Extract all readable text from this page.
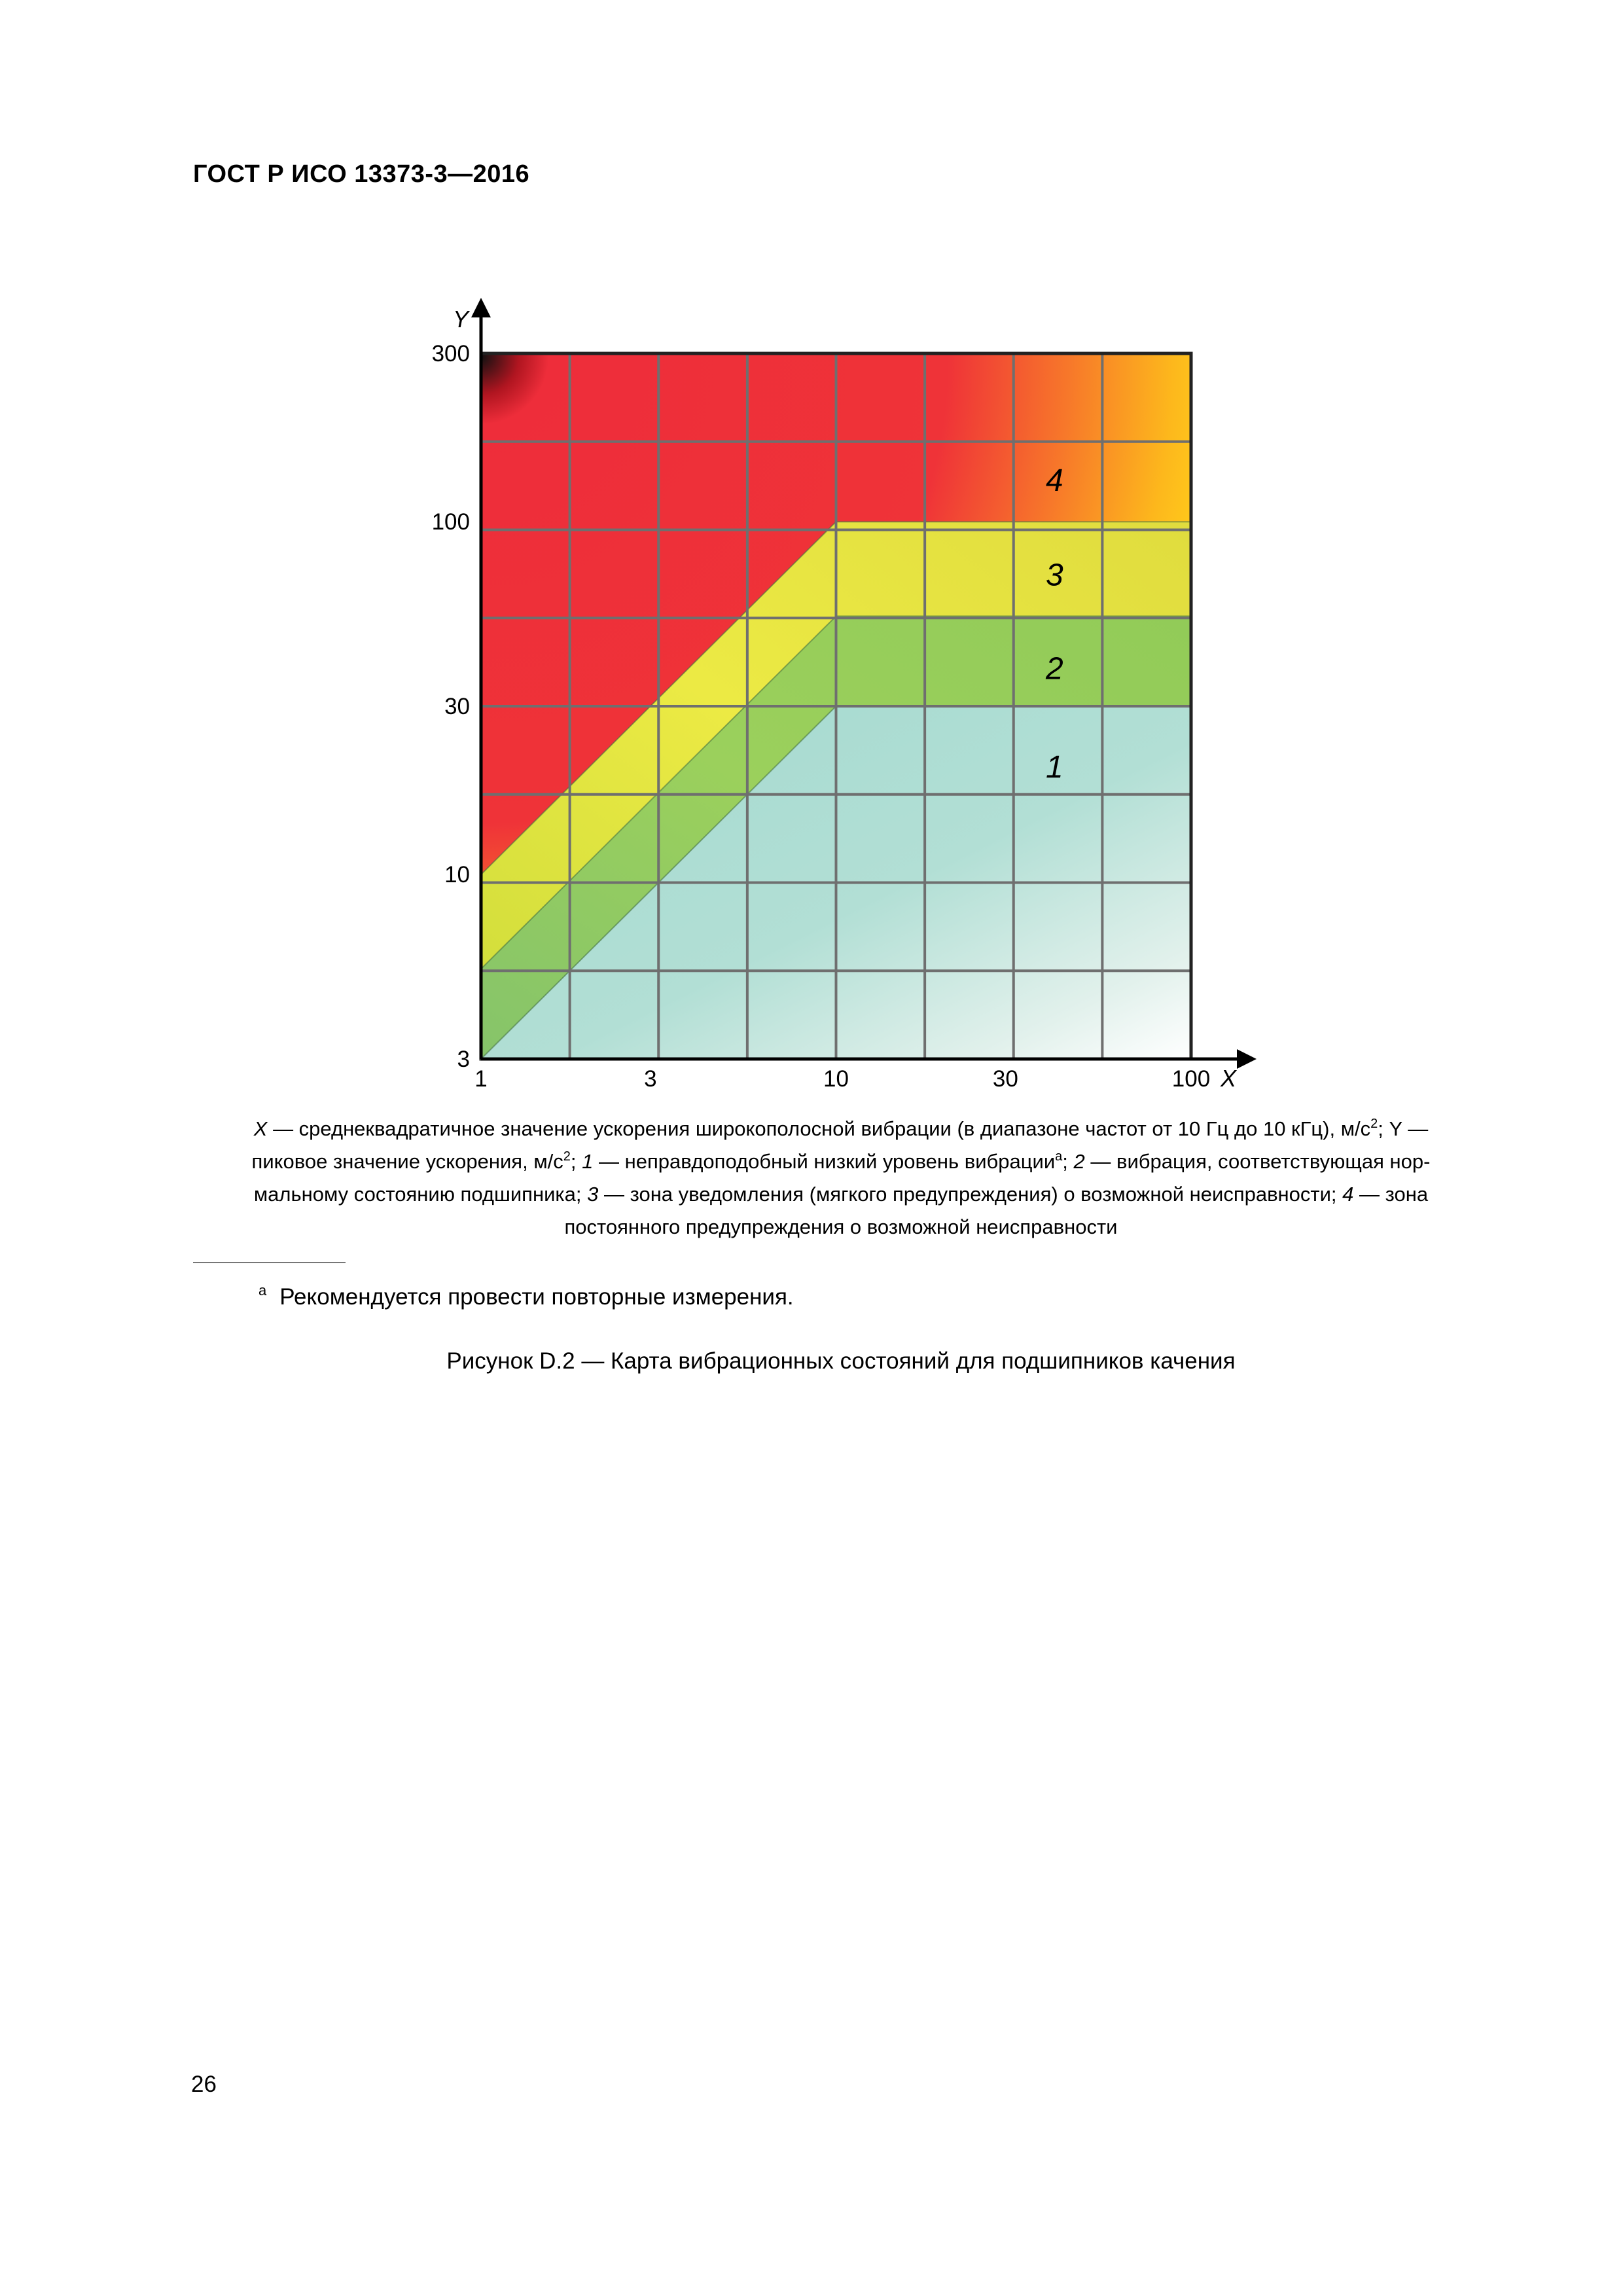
ГОСТ Р ИСО 13373-3—2016
X
Y
1	3	10	30	100
3
10
30
100
300
4
3
2
1
X — среднеквадратичное значение ускорения широкополосной вибрации (в диапазоне частот от 10 Гц до 10 кГц), $м/с^2$; Y —
пиковое значение ускорения, $м/с^2$; 1 — неправдоподобный низкий уровень вибрации$^a$; 2 — вибрация, соответствующая нор-
мальному состоянию подшипника; 3 — зона уведомления (мягкого предупреждения) о возможной неисправности; 4 — зона
постоянного предупреждения о возможной неисправности
$^a$ Рекомендуется провести повторные измерения.
Рисунок D.2 — Карта вибрационных состояний для подшипников качения
26
